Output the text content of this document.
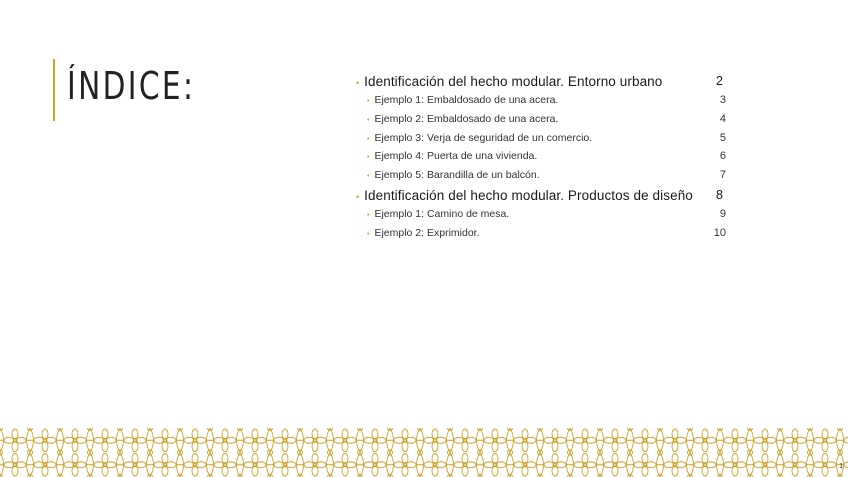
ÍNDICE:	• Identificación del hecho modular. Entorno urbano	2
• Ejemplo 1: Embaldosado de una acera.	3
• Ejemplo 2: Embaldosado de una acera.	4
• Ejemplo 3: Verja de seguridad de un comercio.	5
• Ejemplo 4: Puerta de una vivienda.	6
• Ejemplo 5: Barandilla de un balcón.	7
• Identificación del hecho modular. Productos de diseño	8
• Ejemplo 1: Camino de mesa.	9
• Ejemplo 2: Exprimidor.	10
1
